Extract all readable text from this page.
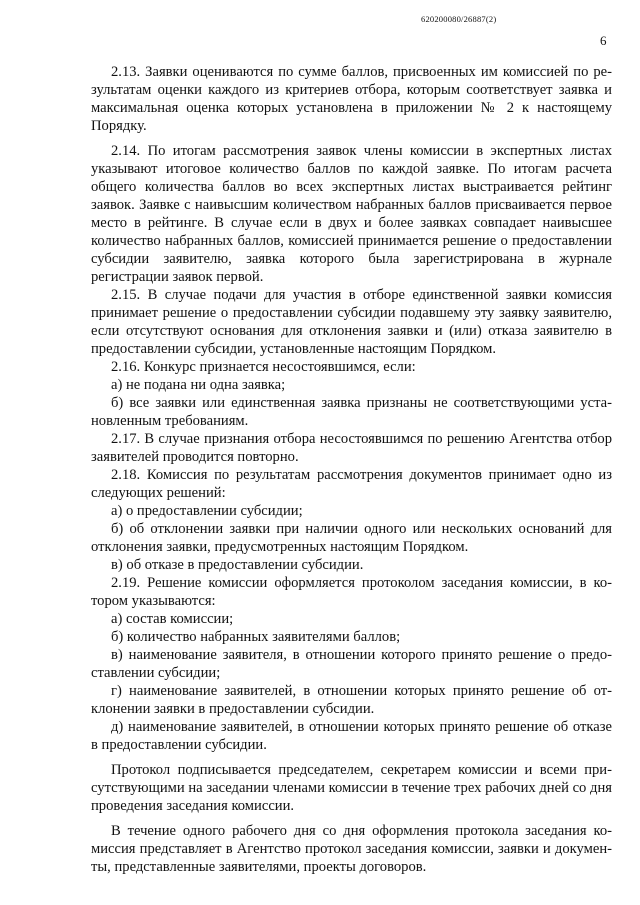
620200080/26887(2)
6

2.13. Заявки оцениваются по сумме баллов, присвоенных им комиссией по результатам оценки каждого из критериев отбора, которым соответствует заявка и максимальная оценка которых установлена в приложении № 2 к настоящему Порядку.

2.14. По итогам рассмотрения заявок члены комиссии в экспертных листах указывают итоговое количество баллов по каждой заявке. По итогам расчета общего количества баллов во всех экспертных листах выстраивается рейтинг заявок. Заявке с наивысшим количеством набранных баллов присваивается первое место в рейтинге. В случае если в двух и более заявках совпадает наивысшее количество набранных баллов, комиссией принимается решение о предоставлении субсидии заявителю, заявка которого была зарегистрирована в журнале регистрации заявок первой.

2.15. В случае подачи для участия в отборе единственной заявки комиссия принимает решение о предоставлении субсидии подавшему эту заявку заявителю, если отсутствуют основания для отклонения заявки и (или) отказа заявителю в предоставлении субсидии, установленные настоящим Порядком.

2.16. Конкурс признается несостоявшимся, если:

а) не подана ни одна заявка;

б) все заявки или единственная заявка признаны не соответствующими установленным требованиям.

2.17. В случае признания отбора несостоявшимся по решению Агентства отбор заявителей проводится повторно.

2.18. Комиссия по результатам рассмотрения документов принимает одно из следующих решений:

а) о предоставлении субсидии;

б) об отклонении заявки при наличии одного или нескольких оснований для отклонения заявки, предусмотренных настоящим Порядком.

в) об отказе в предоставлении субсидии.

2.19. Решение комиссии оформляется протоколом заседания комиссии, в котором указываются:

а) состав комиссии;

б) количество набранных заявителями баллов;

в) наименование заявителя, в отношении которого принято решение о предоставлении субсидии;

г) наименование заявителей, в отношении которых принято решение об отклонении заявки в предоставлении субсидии.

д) наименование заявителей, в отношении которых принято решение об отказе в предоставлении субсидии.

Протокол подписывается председателем, секретарем комиссии и всеми присутствующими на заседании членами комиссии в течение трех рабочих дней со дня проведения заседания комиссии.

В течение одного рабочего дня со дня оформления протокола заседания комиссия представляет в Агентство протокол заседания комиссии, заявки и документы, представленные заявителями, проекты договоров.
